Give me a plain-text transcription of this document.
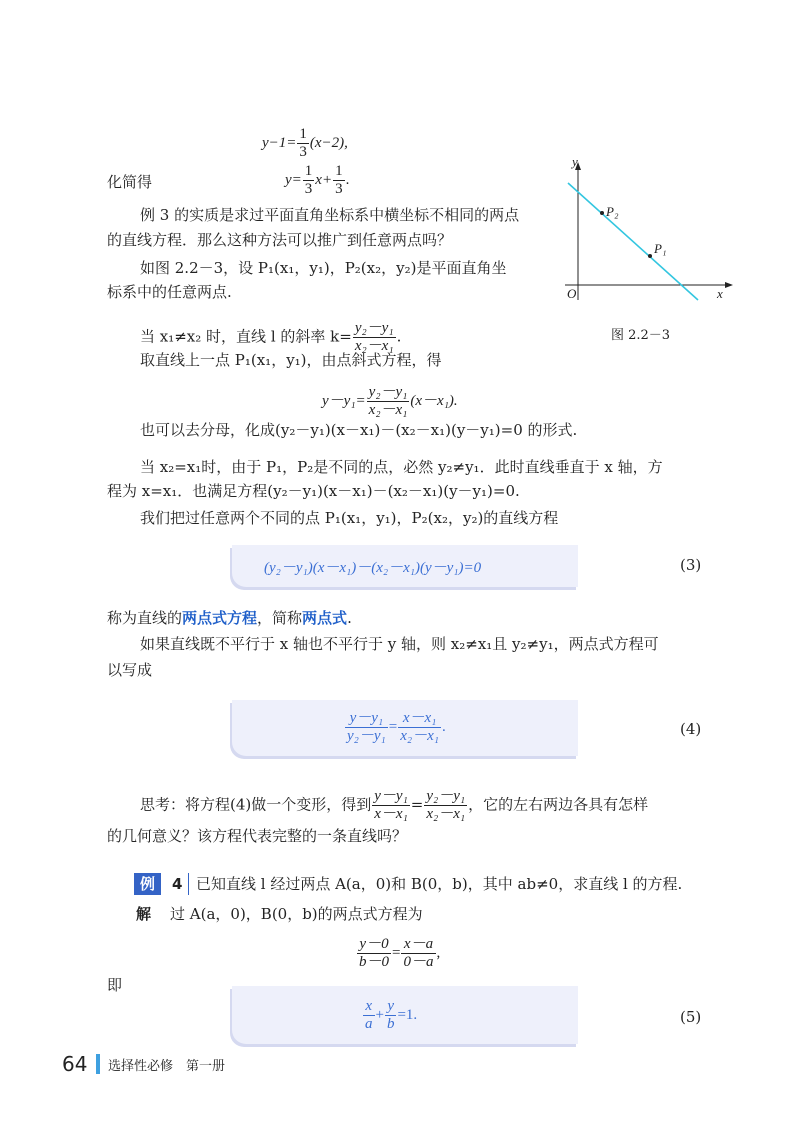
$y-1= \frac{1}{3} (x-2)$,
化简得	$y= \frac{1}{3} x+ \frac{1}{3}$ .
例 3 的实质是求过平面直角坐标系中横坐标不相同的两点
的直线方程．那么这种方法可以推广到任意两点吗？
如图 2.2－3，设 P₁(x₁，y₁)，P₂(x₂，y₂)是平面直角坐
标系中的任意两点.
当 x₁≠x₂ 时，直线 l 的斜率 $k= \frac{\text{y₂－y₁}}{\text{x₂－x₁}}$ .
取直线上一点 P₁(x₁，y₁)，由点斜式方程，得
$y-y_1= \frac{\text{y₂－y₁}}{\text{x₂－x₁}} (x-x_1)$.
也可以去分母，化成(y₂－y₁)(x－x₁)－(x₂－x₁)(y－y₁)=0 的形式.
当 x₂=x₁时，由于 P₁，P₂是不同的点，必然 y₂≠y₁．此时直线垂直于 x 轴，方
程为 x=x₁．也满足方程(y₂－y₁)(x－x₁)－(x₂－x₁)(y－y₁)=0.
我们把过任意两个不同的点 P₁(x₁，y₁)，P₂(x₂，y₂)的直线方程
(y₂－y₁)(x－x₁)－(x₂－x₁)(y－y₁)=0	(3)
称为直线的两点式方程，简称两点式.
如果直线既不平行于 x 轴也不平行于 y 轴，则 x₂≠x₁且 y₂≠y₁，两点式方程可
以写成
$\frac{\text{y－y₁}}{\text{y₂－y₁}} = \frac{\text{x－x₁}}{\text{x₂－x₁}}$ .	(4)
思考：将方程(4)做一个变形，得到 $\frac{\text{y－y₁}}{\text{x－x₁}} = \frac{\text{y₂－y₁}}{\text{x₂－x₁}}$ ，它的左右两边各具有怎样
的几何意义？该方程代表完整的一条直线吗？
例	4 已知直线 l 经过两点 A(a，0)和 B(0，b)，其中 ab≠0，求直线 l 的方程.
解 过 A(a，0)，B(0，b)的两点式方程为
$\frac{y-0}{b-0} = \frac{x-a}{0-a}$ ,
即
$\frac{x}{a} + \frac{y}{b} =1$.	(5)
y
x
O
P₂
P₁
图 2.2－3
64 选择性必修　第一册
